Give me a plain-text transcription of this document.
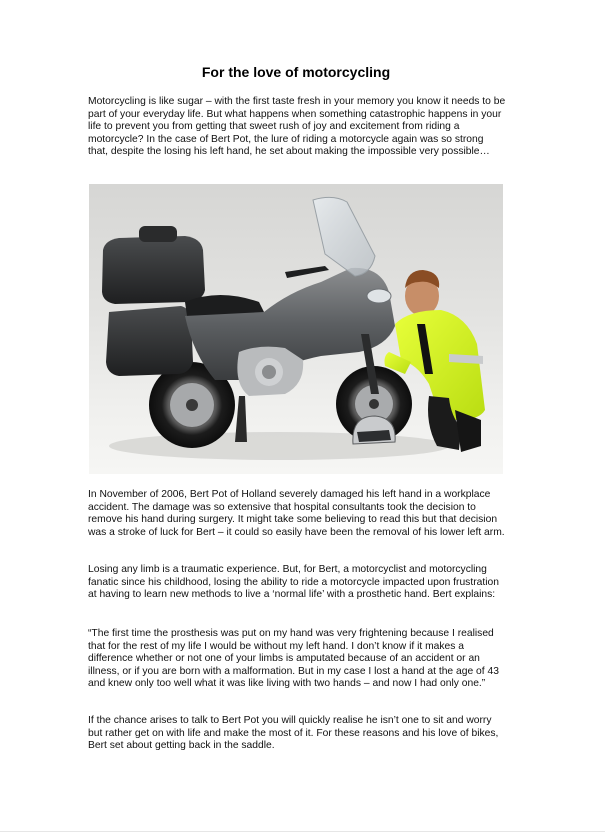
For the love of motorcycling

Motorcycling is like sugar – with the first taste fresh in your memory you know it needs to be part of your everyday life. But what happens when something catastrophic happens in your life to prevent you from getting that sweet rush of joy and excitement from riding a motorcycle? In the case of Bert Pot, the lure of riding a motorcycle again was so strong that, despite the losing his left hand, he set about making the impossible very possible…

In November of 2006, Bert Pot of Holland severely damaged his left hand in a workplace accident. The damage was so extensive that hospital consultants took the decision to remove his hand during surgery. It might take some believing to read this but that decision was a stroke of luck for Bert – it could so easily have been the removal of his lower left arm.

Losing any limb is a traumatic experience. But, for Bert, a motorcyclist and motorcycling fanatic since his childhood, losing the ability to ride a motorcycle impacted upon frustration at having to learn new methods to live a ‘normal life’ with a prosthetic hand. Bert explains:

“The first time the prosthesis was put on my hand was very frightening because I realised that for the rest of my life I would be without my left hand. I don’t know if it makes a difference whether or not one of your limbs is amputated because of an accident or an illness, or if you are born with a malformation. But in my case I lost a hand at the age of 43 and knew only too well what it was like living with two hands – and now I had only one.”

If the chance arises to talk to Bert Pot you will quickly realise he isn’t one to sit and worry but rather get on with life and make the most of it. For these reasons and his love of bikes, Bert set about getting back in the saddle.
